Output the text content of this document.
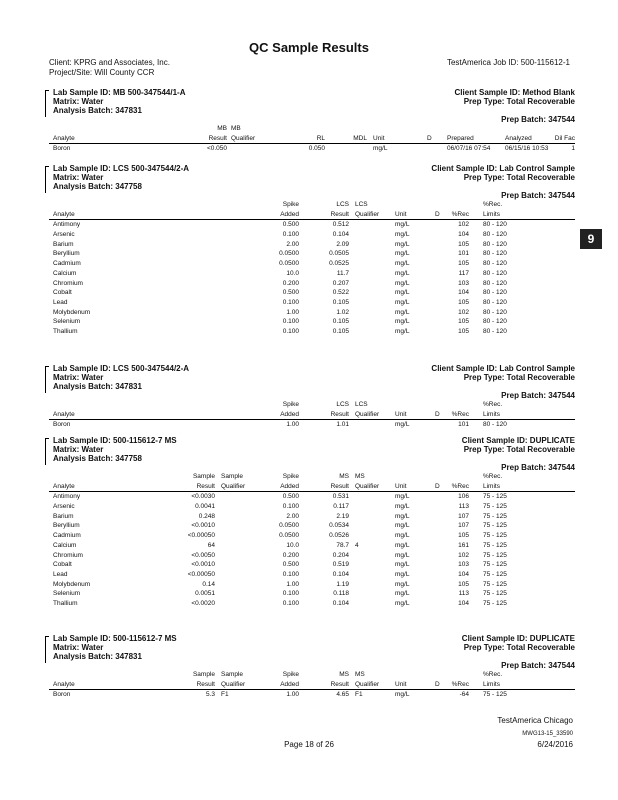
QC Sample Results
Client: KPRG and Associates, Inc.
Project/Site: Will County CCR
TestAmerica Job ID: 500-115612-1
9
Lab Sample ID: MB 500-347544/1-A	Client Sample ID: Method Blank
Matrix: Water	Prep Type: Total Recoverable
Analysis Batch: 347831
Prep Batch: 347544
MB MB
Analyte	Result Qualifier	RL	MDL Unit	D Prepared	Analyzed	Dil Fac
Boron	<0.050	0.050	mg/L	06/07/16 07:54 06/15/16 10:53	1
Lab Sample ID: LCS 500-347544/2-A	Client Sample ID: Lab Control Sample
Matrix: Water	Prep Type: Total Recoverable
Analysis Batch: 347758
Prep Batch: 347544
Spike	LCS LCS	%Rec.
Analyte	Added	Result Qualifier Unit	D %Rec Limits
Antimony	0.500	0.512	mg/L	102 80 - 120
Arsenic	0.100	0.104	mg/L	104 80 - 120
Barium	2.00	2.09	mg/L	105 80 - 120
Beryllium	0.0500	0.0505	mg/L	101 80 - 120
Cadmium	0.0500	0.0525	mg/L	105 80 - 120
Calcium	10.0	11.7	mg/L	117 80 - 120
Chromium	0.200	0.207	mg/L	103 80 - 120
Cobalt	0.500	0.522	mg/L	104 80 - 120
Lead	0.100	0.105	mg/L	105 80 - 120
Molybdenum	1.00	1.02	mg/L	102 80 - 120
Selenium	0.100	0.105	mg/L	105 80 - 120
Thallium	0.100	0.105	mg/L	105 80 - 120
Lab Sample ID: LCS 500-347544/2-A	Client Sample ID: Lab Control Sample
Matrix: Water	Prep Type: Total Recoverable
Analysis Batch: 347831
Prep Batch: 347544
Spike	LCS LCS	%Rec.
Analyte	Added	Result Qualifier Unit	D %Rec Limits
Boron	1.00	1.01	mg/L	101 80 - 120
Lab Sample ID: 500-115612-7 MS	Client Sample ID: DUPLICATE
Matrix: Water	Prep Type: Total Recoverable
Analysis Batch: 347758
Prep Batch: 347544
Sample Sample	Spike	MS MS	%Rec.
Analyte	Result Qualifier	Added	Result Qualifier Unit	D %Rec Limits
Antimony	<0.0030	0.500	0.531	mg/L	106 75 - 125
Arsenic	0.0041	0.100	0.117	mg/L	113 75 - 125
Barium	0.248	2.00	2.19	mg/L	107 75 - 125
Beryllium	<0.0010	0.0500	0.0534	mg/L	107 75 - 125
Cadmium	<0.00050	0.0500	0.0526	mg/L	105 75 - 125
Calcium	64	10.0	78.7 4	mg/L	161 75 - 125
Chromium	<0.0050	0.200	0.204	mg/L	102 75 - 125
Cobalt	<0.0010	0.500	0.519	mg/L	103 75 - 125
Lead	<0.00050	0.100	0.104	mg/L	104 75 - 125
Molybdenum	0.14	1.00	1.19	mg/L	105 75 - 125
Selenium	0.0051	0.100	0.118	mg/L	113 75 - 125
Thallium	<0.0020	0.100	0.104	mg/L	104 75 - 125
Lab Sample ID: 500-115612-7 MS	Client Sample ID: DUPLICATE
Matrix: Water	Prep Type: Total Recoverable
Analysis Batch: 347831
Prep Batch: 347544
Sample Sample	Spike	MS MS	%Rec.
Analyte	Result Qualifier	Added	Result Qualifier Unit	D %Rec Limits
Boron	5.3 F1	1.00	4.65 F1	mg/L	-64 75 - 125
TestAmerica Chicago
MWG13-15_33590
Page 18 of 26	6/24/2016
